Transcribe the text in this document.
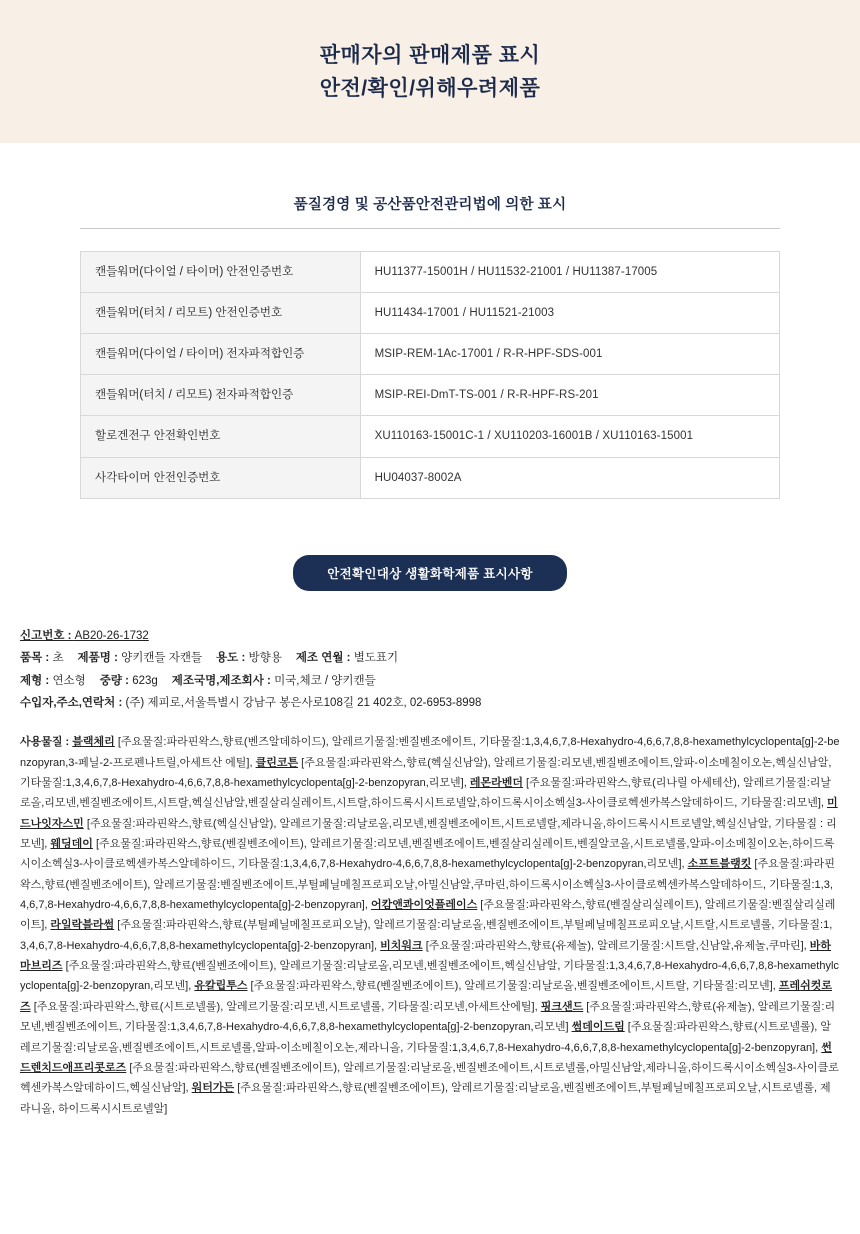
판매자의 판매제품 표시
안전/확인/위해우려제품
품질경영 및 공산품안전관리법에 의한 표시
캔들워머(다이얼 / 타이머) 안전인증번호	HU11377-15001H / HU11532-21001 / HU11387-17005
캔들워머(터치 / 리모트) 안전인증번호	HU11434-17001 / HU11521-21003
캔들워머(다이얼 / 타이머) 전자파적합인증	MSIP-REM-1Ac-17001 / R-R-HPF-SDS-001
캔들워머(터치 / 리모트) 전자파적합인증	MSIP-REI-DmT-TS-001 / R-R-HPF-RS-201
할로겐전구 안전확인번호	XU110163-15001C-1 / XU110203-16001B / XU110163-15001
사각타이머 안전인증번호	HU04037-8002A
안전확인대상 생활화학제품 표시사항
신고번호 : AB20-26-1732
품목 : 초 제품명 : 양키캔들 자캔들 용도 : 방향용 제조 연월 : 별도표기
제형 : 연소형 중량 : 623g 제조국명,제조회사 : 미국,체코 / 양키캔들
수입자,주소,연락처 : (주) 제피로,서울특별시 강남구 봉은사로108길 21 402호, 02-6953-8998
사용물질 : 블랙체리 [주요물질:파라핀왁스,향료(벤즈알데하이드), 알레르기물질:벤질벤조에이트, 기타물질:1,3,4,6,7,8-Hexahydro-4,6,6,7,8,8-hexamethylcyclopenta[g]-2-benzopyran,3-페닐-2-프로펜나트릴,아세트산 에틸], 클린코튼 [주요물질:파라핀왁스,향료(헥실신남알), 알레르기물질:리모넨,벤질벤조에이트,알파-이소메칠이오논,헥실신남알, 기타물질:1,3,4,6,7,8-Hexahydro-4,6,6,7,8,8-hexamethylcyclopenta[g]-2-benzopyran,리모넨], 레몬라벤더 [주요물질:파라핀왁스,향료(리나릴 아세테산), 알레르기물질:리날로올,리모넨,벤질벤조에이트,시트랄,헥실신남알,벤질살리실레이트,시트랄,하이드록시시트로넬알,하이드록시이소헥실3-사이클로헥센카복스알데하이드, 기타물질:리모넨], 미드나잇자스민 [주요물질:파라핀왁스,향료(헥실신남알), 알레르기물질:리날로올,리모넨,벤질벤조에이트,시트로넬랄,제라니올,하이드록시시트로넬알,헥실신남알, 기타물질 : 리모넨], 웨딩데이 [주요물질:파라핀왁스,향료(벤질벤조에이트), 알레르기물질:리모넨,벤질벤조에이트,벤질살리실레이트,벤질알코올,시트로넬롤,알파-이소메칠이오논,하이드록시이소헥실3-사이클로헥센카복스알데하이드, 기타물질:1,3,4,6,7,8-Hexahydro-4,6,6,7,8,8-hexamethylcyclopenta[g]-2-benzopyran,리모넨], 소프트블랭킷 [주요물질:파라핀왁스,향료(벤질벤조에이트), 알레르기물질:벤질벤조에이트,부틸페닐메칠프로피오날,아밀신남알,쿠마린,하이드록시이소헥실3-사이클로헥센카복스알데하이드, 기타물질:1,3,4,6,7,8-Hexahydro-4,6,6,7,8,8-hexamethylcyclopenta[g]-2-benzopyran], 어캄앤콰이엇플레이스 [주요물질:파라핀왁스,향료(벤질살리실레이트), 알레르기물질:벤질살리실레이트], 라일락블라썸 [주요물질:파라핀왁스,향료(부틸페닐메칠프로피오날), 알레르기물질:리날로올,벤질벤조에이트,부틸페닐메칠프로피오날,시트랄,시트로넬롤, 기타물질:1,3,4,6,7,8-Hexahydro-4,6,6,7,8,8-hexamethylcyclopenta[g]-2-benzopyran], 비치워크 [주요물질:파라핀왁스,향료(유제놀), 알레르기물질:시트랄,신남알,유제놀,쿠마린], 바하마브리즈 [주요물질:파라핀왁스,향료(벤질벤조에이트), 알레르기물질:리날로올,리모넨,벤질벤조에이트,헥실신남알, 기타물질:1,3,4,6,7,8-Hexahydro-4,6,6,7,8,8-hexamethylcyclopenta[g]-2-benzopyran,리모넨], 유칼립투스 [주요물질:파라핀왁스,향료(벤질벤조에이트), 알레르기물질:리날로올,벤질벤조에이트,시트랄, 기타물질:리모넨], 프레쉬컷로즈 [주요물질:파라핀왁스,향료(시트로넬롤), 알레르기물질:리모넨,시트로넬롤, 기타물질:리모넨,아세트산에틸], 핑크샌드 [주요물질:파라핀왁스,향료(유제놀), 알레르기물질:리모넨,벤질벤조에이트, 기타물질:1,3,4,6,7,8-Hexahydro-4,6,6,7,8,8-hexamethylcyclopenta[g]-2-benzopyran,리모넨] 썸데이드림 [주요물질:파라핀왁스,향료(시트로넬롤), 알레르기물질:리날로올,벤질벤조에이트,시트로넬롤,알파-이소메칠이오논,제라니올, 기타물질:1,3,4,6,7,8-Hexahydro-4,6,6,7,8,8-hexamethylcyclopenta[g]-2-benzopyran], 썬드렌치드애프리콧로즈 [주요물질:파라핀왁스,향료(벤질벤조에이트), 알레르기물질:리날로올,벤질벤조에이트,시트로넬롤,아밀신남알,제라니올,하이드록시이소헥실3-사이클로헥센카복스알데하이드,헥실신남알], 워터가든 [주요물질:파라핀왁스,향료(벤질벤조에이트), 알레르기물질:리날로올,벤질벤조에이트,부틸페닐메칠프로피오날,시트로넬롤, 제라니올, 하이드록시시트로넬알]
